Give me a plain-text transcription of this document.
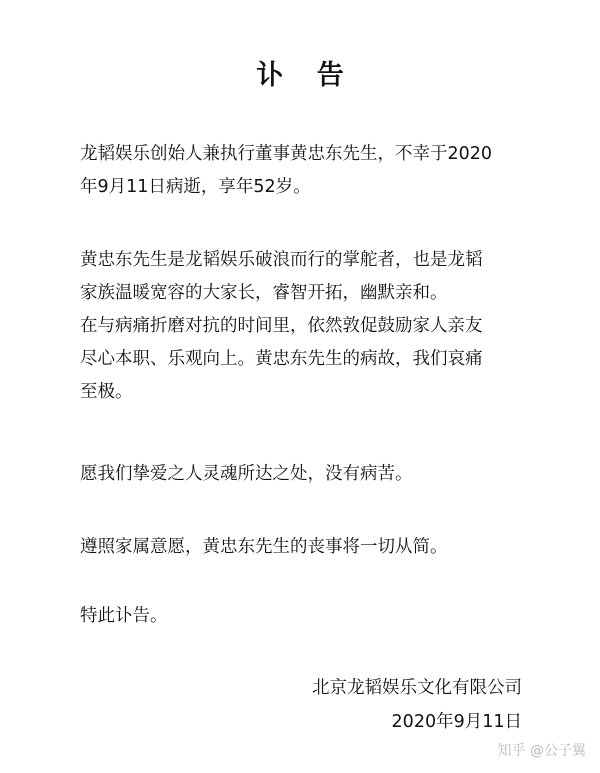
讣 告
龙韬娱乐创始人兼执行董事黄忠东先生，不幸于2020
年9月11日病逝，享年52岁。
黄忠东先生是龙韬娱乐破浪而行的掌舵者，也是龙韬
家族温暖宽容的大家长，睿智开拓，幽默亲和。
在与病痛折磨对抗的时间里，依然敦促鼓励家人亲友
尽心本职、乐观向上。黄忠东先生的病故，我们哀痛
至极。
愿我们挚爱之人灵魂所达之处，没有病苦。
遵照家属意愿，黄忠东先生的丧事将一切从简。
特此讣告。
北京龙韬娱乐文化有限公司
2020年9月11日
知乎 @公子翼
